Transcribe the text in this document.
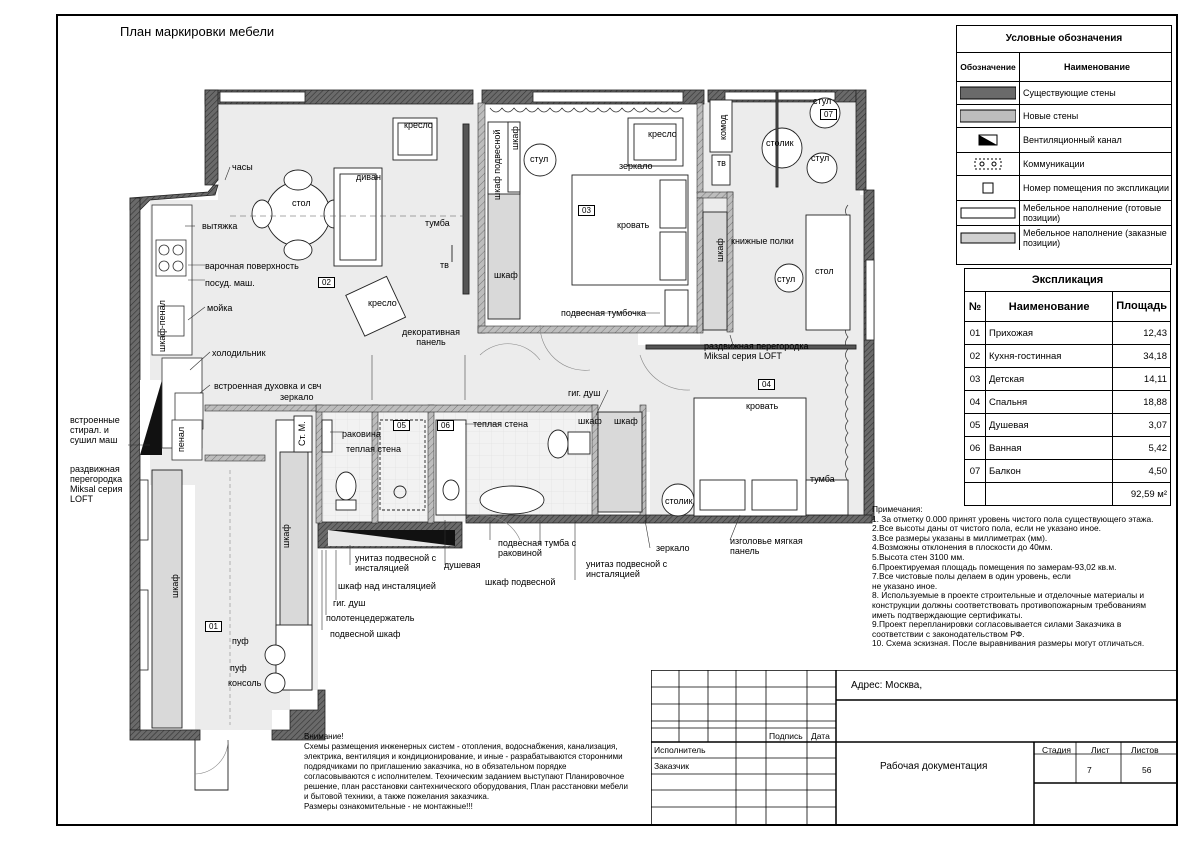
План маркировки мебели
01
02
03
04
05	06
07
часы
стол
диван
кресло
кресло
кресло
вытяжка
варочная поверхность
посуд. маш.
мойка
холодильник
встроенная духовка и свч
тумба
тв
декоративная панель
стул
зеркало
кровать
шкаф
шкаф подвесной шкаф
подвесная тумбочка
комод
тв
столик
стул
стул
книжные полки
шкаф
стул
стол
раздвижная перегородка Miksal серия LOFT
кровать
тумба
столик
изголовье мягкая панель
зеркало
гиг. душ
шкаф шкаф
теплая стена
теплая стена
раковина
зеркало
подвесная тумба с раковиной
унитаз подвесной с инсталяцией	унитаз подвесной с инсталяцией
душевая
шкаф над инсталяцией	шкаф подвесной
гиг. душ
полотенцедержатель
подвесной шкаф
встроенные стирал. и сушил маш
раздвижная перегородка Miksal серия LOFT
шкаф-пенал
пенал
шкаф
шкаф
Ст. М.
пуф
пуф
консоль
Условные обозначения
Обозначение	Наименование
Существующие стены
Новые стены
Вентиляционный канал
Коммуникации
Номер помещения по экспликации
Мебельное наполнение (готовые позиции)
Мебельное наполнение (заказные позиции)
Экспликация		
№	Наименование	Площадь
01	Прихожая	12,43
02	Кухня-гостинная	34,18
03	Детская	14,11
04	Спальня	18,88
05	Душевая	3,07
06	Ванная	5,42
07	Балкон	4,50
		92,59 м²
Примечания:
1. За отметку 0.000 принят уровень чистого пола существующего этажа.
2.Все высоты даны от чистого пола, если не указано иное.
3.Все размеры указаны в миллиметрах (мм).
4.Возможны отклонения в плоскости до 40мм.
5.Высота стен 3100 мм.
6.Проектируемая площадь помещения по замерам-93,02 кв.м.
7.Все чистовые полы делаем в один уровень, если
не указано иное.
8. Используемые в проекте строительные и отделочные материалы и
конструкции должны соответствовать противопожарным требованиям
иметь подтверждающие сертификаты.
9.Проект перепланировки согласовывается силами Заказчика в
соответствии с законодательством РФ.
10. Схема эскизная. После выравнивания размеры могут отличаться.
Внимание!
Схемы размещения инженерных систем - отопления, водоснабжения, канализация,
электрика, вентиляция и кондиционирование, и иные - разрабатываются сторонними
подрядчиками по приглашению заказчика, но в обязательном порядке
согласовываются с исполнителем. Техническим заданием выступают Планировочное
решение, план расстановки сантехнического оборудования, План расстановки мебели
и бытовой техники, а также пожелания заказчика.
Размеры ознакомительные - не монтажные!!!
Подпись Дата
Исполнитель
Заказчик
Адрес: Москва,
Рабочая документация
Стадия Лист	Листов
7	56
